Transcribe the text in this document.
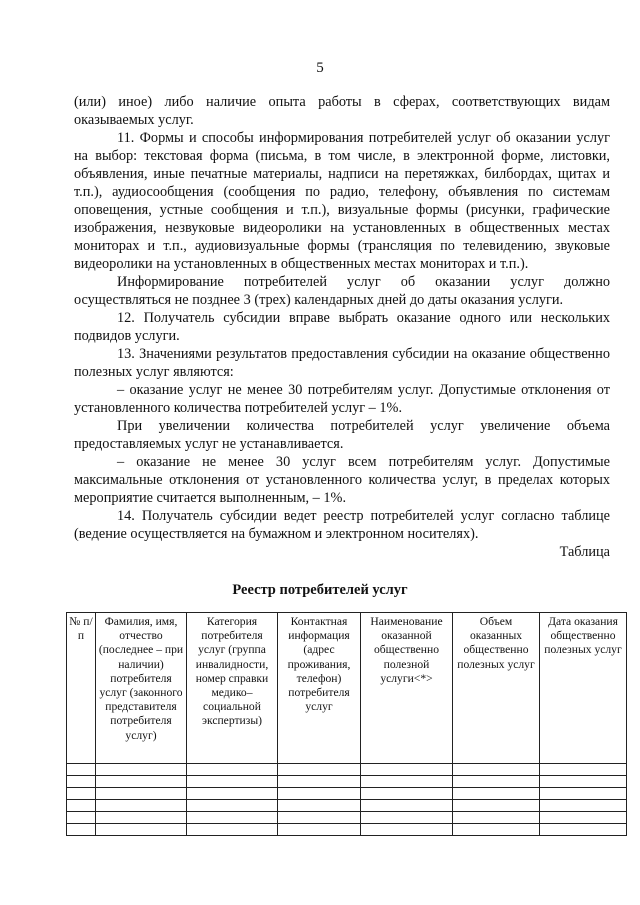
5

(или) иное) либо наличие опыта работы в сферах, соответствующих видам оказываемых услуг.

11. Формы и способы информирования потребителей услуг об оказании услуг на выбор: текстовая форма (письма, в том числе, в электронной форме, листовки, объявления, иные печатные материалы, надписи на перетяжках, билбордах, щитах и т.п.), аудиосообщения (сообщения по радио, телефону, объявления по системам оповещения, устные сообщения и т.п.), визуальные формы (рисунки, графические изображения, незвуковые видеоролики на установленных в общественных местах мониторах и т.п., аудиовизуальные формы (трансляция по телевидению, звуковые видеоролики на установленных в общественных местах мониторах и т.п.).

Информирование потребителей услуг об оказании услуг должно осуществляться не позднее 3 (трех) календарных дней до даты оказания услуги.

12. Получатель субсидии вправе выбрать оказание одного или нескольких подвидов услуги.

13. Значениями результатов предоставления субсидии на оказание общественно полезных услуг являются:

– оказание услуг не менее 30 потребителям услуг. Допустимые отклонения от установленного количества потребителей услуг – 1%.

При увеличении количества потребителей услуг увеличение объема предоставляемых услуг не устанавливается.

– оказание не менее 30 услуг всем потребителям услуг. Допустимые максимальные отклонения от установленного количества услуг, в пределах которых мероприятие считается выполненным, – 1%.

14. Получатель субсидии ведет реестр потребителей услуг согласно таблице (ведение осуществляется на бумажном и электронном носителях).

Таблица

Реестр потребителей услуг
№ п/п	Фамилия, имя, отчество (последнее – при наличии) потребителя услуг (законного представителя потребителя услуг)	Категория потребителя услуг (группа инвалидности, номер справки медико–социальной экспертизы)	Контактная информация (адрес проживания, телефон) потребителя услуг	Наименование оказанной общественно полезной услуги<*>	Объем оказанных общественно полезных услуг	Дата оказания общественно полезных услуг
